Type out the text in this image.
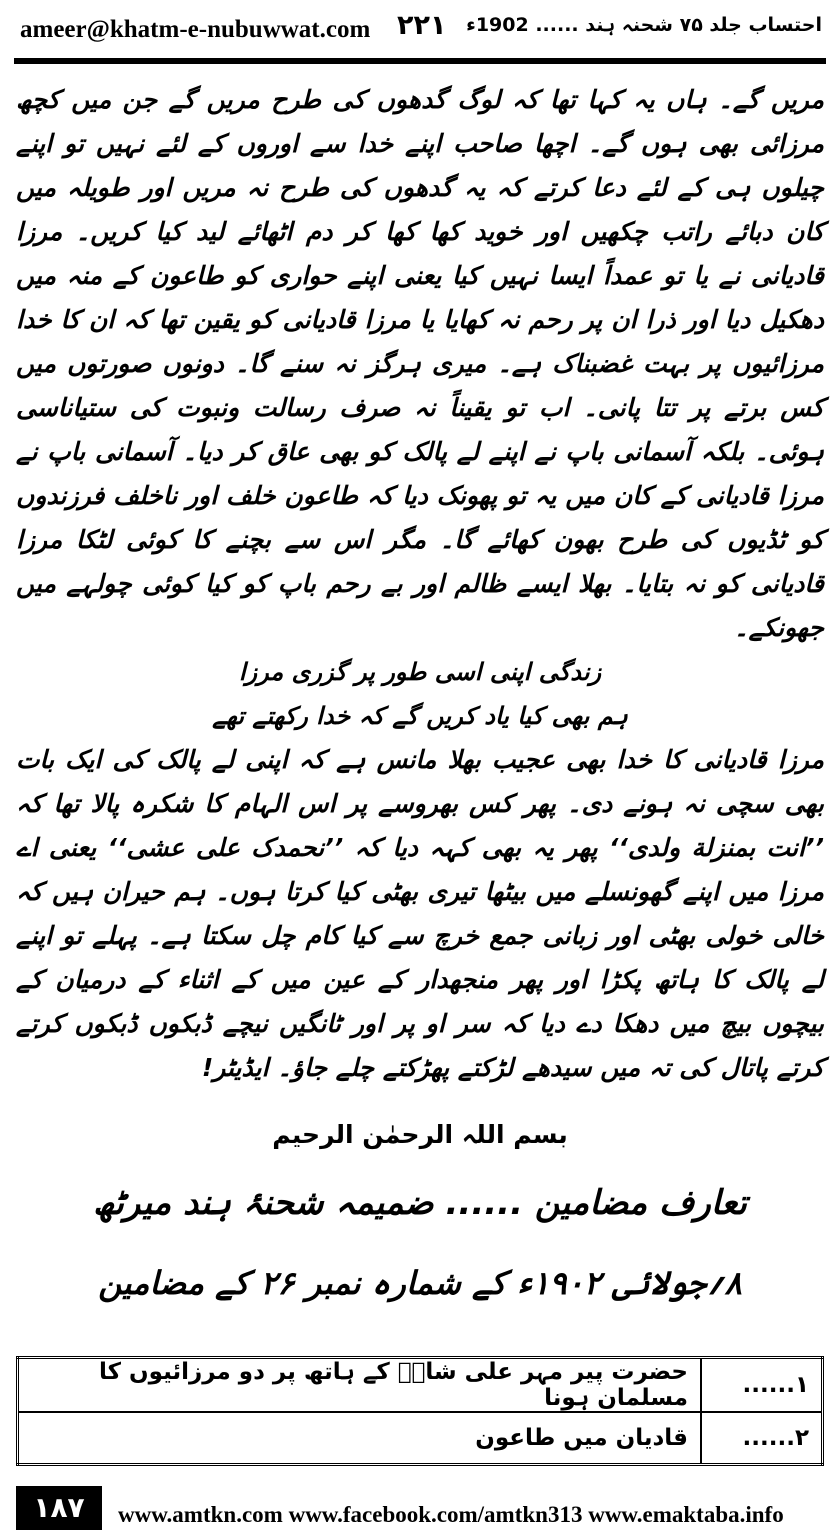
ameer@khatm-e-nubuwwat.com ۲۲۱ احتساب جلد ۷۵ شحنہ ہند ...... 1902ء

مریں گے۔ ہاں یہ کہا تھا کہ لوگ گدھوں کی طرح مریں گے جن میں کچھ مرزائی بھی ہوں گے۔ اچھا صاحب اپنے خدا سے اوروں کے لئے نہیں تو اپنے چیلوں ہی کے لئے دعا کرتے کہ یہ گدھوں کی طرح نہ مریں اور طویلہ میں کان دبائے راتب چکھیں اور خوید کھا کھا کر دم اٹھائے لید کیا کریں۔ مرزا قادیانی نے یا تو عمداً ایسا نہیں کیا یعنی اپنے حواری کو طاعون کے منہ میں دھکیل دیا اور ذرا ان پر رحم نہ کھایا یا مرزا قادیانی کو یقین تھا کہ ان کا خدا مرزائیوں پر بہت غضبناک ہے۔ میری ہرگز نہ سنے گا۔ دونوں صورتوں میں کس برتے پر تتا پانی۔ اب تو یقیناً نہ صرف رسالت ونبوت کی ستیاناسی ہوئی۔ بلکہ آسمانی باپ نے اپنے لے پالک کو بھی عاق کر دیا۔ آسمانی باپ نے مرزا قادیانی کے کان میں یہ تو پھونک دیا کہ طاعون خلف اور ناخلف فرزندوں کو ٹڈیوں کی طرح بھون کھائے گا۔ مگر اس سے بچنے کا کوئی لٹکا مرزا قادیانی کو نہ بتایا۔ بھلا ایسے ظالم اور بے رحم باپ کو کیا کوئی چولہے میں جھونکے۔

زندگی اپنی اسی طور پر گزری مرزا
ہم بھی کیا یاد کریں گے کہ خدا رکھتے تھے

مرزا قادیانی کا خدا بھی عجیب بھلا مانس ہے کہ اپنی لے پالک کی ایک بات بھی سچی نہ ہونے دی۔ پھر کس بھروسے پر اس الہام کا شکرہ پالا تھا کہ ’’انت بمنزلة ولدی‘‘ پھر یہ بھی کہہ دیا کہ ’’نحمدک علی عشی‘‘ یعنی اے مرزا میں اپنے گھونسلے میں بیٹھا تیری بھٹی کیا کرتا ہوں۔ ہم حیران ہیں کہ خالی خولی بھٹی اور زبانی جمع خرچ سے کیا کام چل سکتا ہے۔ پہلے تو اپنے لے پالک کا ہاتھ پکڑا اور پھر منجھدار کے عین میں کے اثناء کے درمیان کے بیچوں بیچ میں دھکا دے دیا کہ سر او پر اور ٹانگیں نیچے ڈبکوں ڈبکوں کرتے کرتے پاتال کی تہ میں سیدھے لڑکتے پھڑکتے چلے جاؤ۔ ایڈیٹر!

بسم اللہ الرحمٰن الرحیم
تعارف مضامین ...... ضمیمہ شحنۂ ہند میرٹھ
۸؍جولائی ۱۹۰۲ء کے شمارہ نمبر ۲۶ کے مضامین
۱......	حضرت پیر مہر علی شاہؒ کے ہاتھ پر دو مرزائیوں کا مسلمان ہونا
۲......	قادیان میں طاعون
۱۸۷	www.amtkn.com www.facebook.com/amtkn313 www.emaktaba.info
